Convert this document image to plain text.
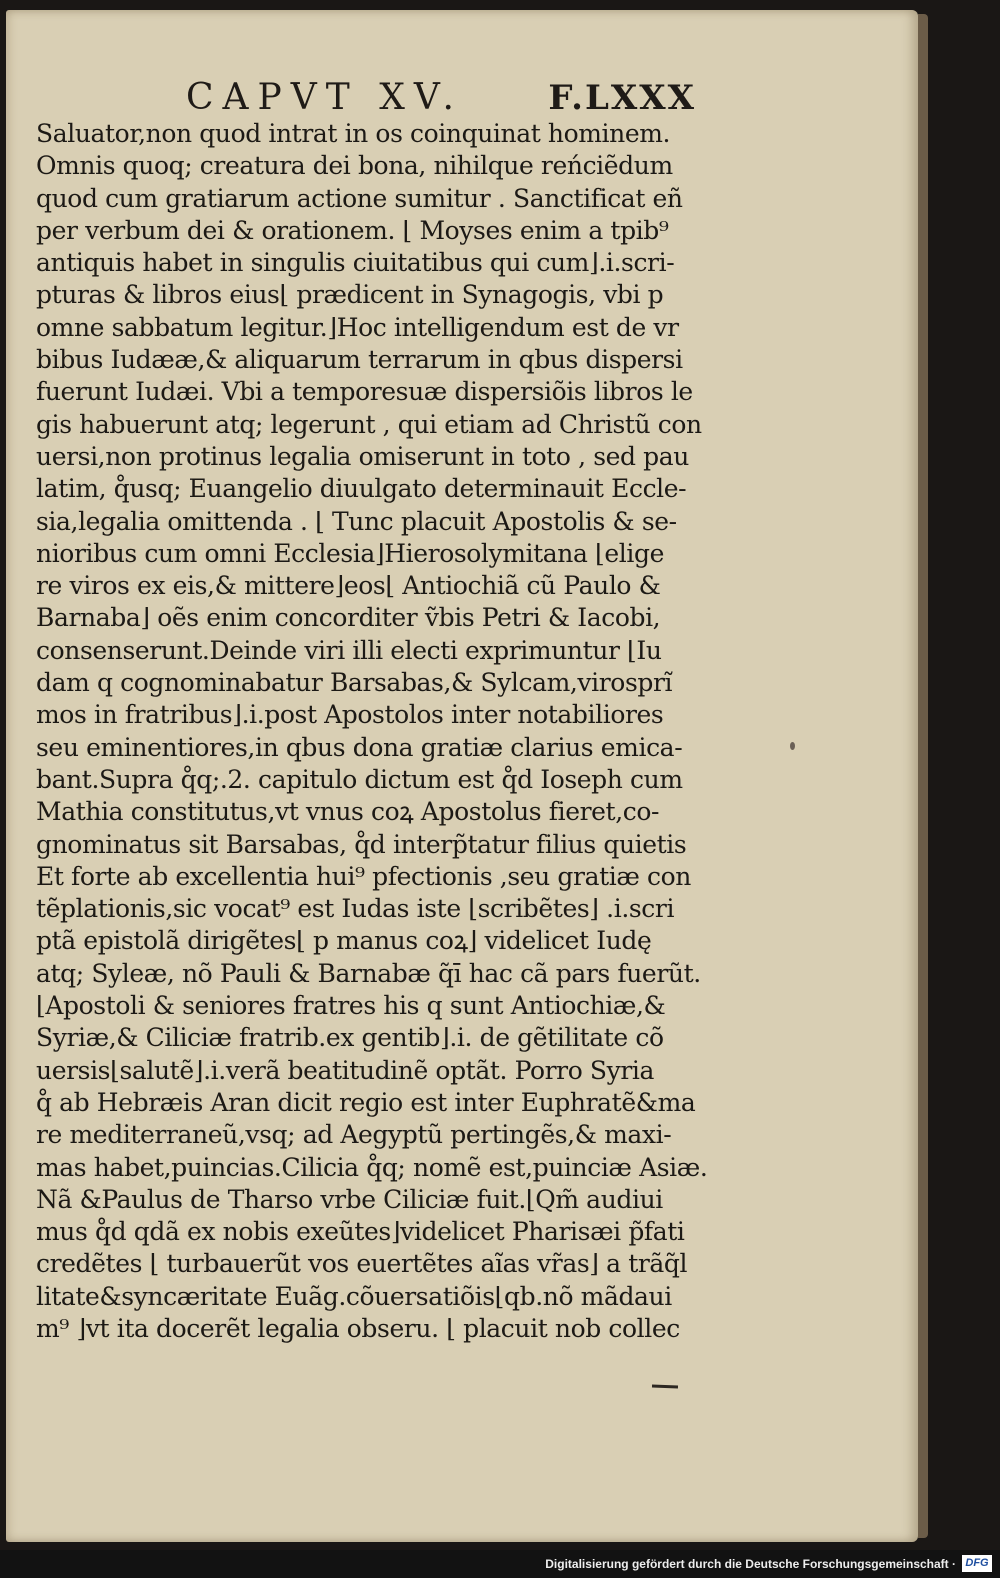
CAPVT XV.	F.LXXX
Saluator,non quod intrat in os coinquinat hominem.
Omnis quoq; creatura dei bona, nihilque reńciẽdum
quod cum gratiarum actione sumitur . Sanctificat eñ
per verbum dei & orationem. ⌊ Moyses enim a tpib⁹
antiquis habet in singulis ciuitatibus qui cum⌋.i.scri-
pturas & libros eius⌊ prædicent in Synagogis, vbi p
omne sabbatum legitur.⌋Hoc intelligendum est de vr
bibus Iudææ,& aliquarum terrarum in qbus dispersi
fuerunt Iudæi. Vbi a temporesuæ dispersiõis libros le
gis habuerunt atq; legerunt , qui etiam ad Christũ con
uersi,non protinus legalia omiserunt in toto , sed pau
latim, q̊usq; Euangelio diuulgato determinauit Eccle-
sia,legalia omittenda . ⌊ Tunc placuit Apostolis & se-
nioribus cum omni Ecclesia⌋Hierosolymitana ⌊elige
re viros ex eis,& mittere⌋eos⌊ Antiochiã cũ Paulo &
Barnaba⌋ oẽs enim concorditer ṽbis Petri & Iacobi,
consenserunt.Deinde viri illi electi exprimuntur ⌊Iu
dam q cognominabatur Barsabas,& Sylcam,virosprĩ
mos in fratribus⌋.i.post Apostolos inter notabiliores
seu eminentiores,in qbus dona gratiæ clarius emica-
bant.Supra q̊q;.2. capitulo dictum est q̊d Ioseph cum
Mathia constitutus,vt vnus coꝝ Apostolus fieret,co-
gnominatus sit Barsabas, q̊d interp̃tatur filius quietis
Et forte ab excellentia hui⁹ pfectionis ,seu gratiæ con
tẽplationis,sic vocat⁹ est Iudas iste ⌊scribẽtes⌋ .i.scri
ptã epistolã dirigẽtes⌊ p manus coꝝ⌋ videlicet Iudę
atq; Syleæ, nõ Pauli & Barnabæ q̃ī hac cã pars fuerũt.
⌊Apostoli & seniores fratres his q sunt Antiochiæ,&
Syriæ,& Ciliciæ fratrib.ex gentib⌋.i. de gẽtilitate cõ
uersis⌊salutẽ⌋.i.verã beatitudinẽ optãt. Porro Syria
q̊ ab Hebræis Aran dicit regio est inter Euphratẽ&ma
re mediterraneũ,vsq; ad Aegyptũ pertingẽs,& maxi-
mas habet,puincias.Cilicia q̊q; nomẽ est,puinciæ Asiæ.
Nã &Paulus de Tharso vrbe Ciliciæ fuit.⌊Qm̃ audiui
mus q̊d qdã ex nobis exeũtes⌋videlicet Pharisæi p̃fati
credẽtes ⌊ turbauerũt vos euertẽtes aĩas vr̃as⌋ a trãq̃l
litate&syncæritate Euãg.cõuersatiõis⌊qb.nõ mãdaui
m⁹ ⌋vt ita docerẽt legalia obseru. ⌊ placuit nob collec
Digitalisierung gefördert durch die Deutsche Forschungsgemeinschaft · DFG
